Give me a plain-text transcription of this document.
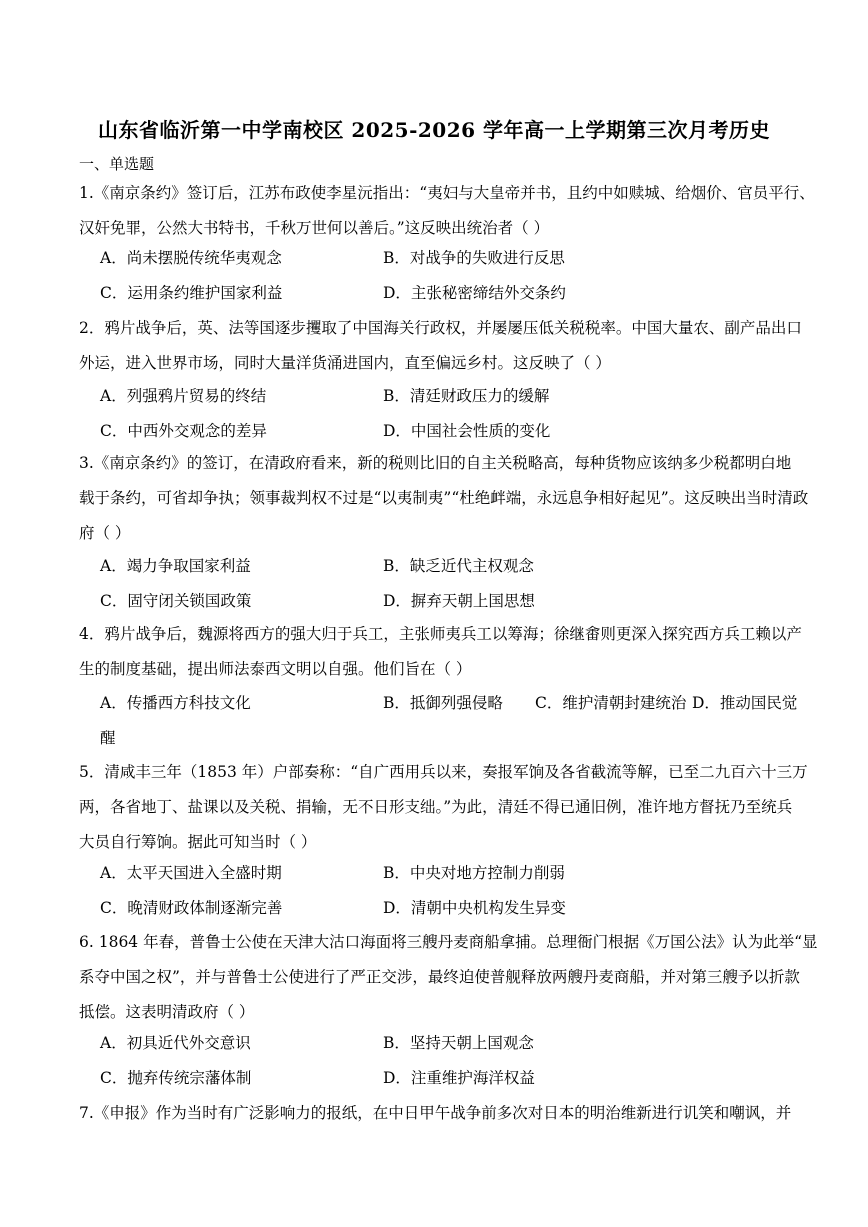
山东省临沂第一中学南校区 2025-2026 学年高一上学期第三次月考历史
一、单选题
1.《南京条约》签订后，江苏布政使李星沅指出：“夷妇与大皇帝并书，且约中如赎城、给烟价、官员平行、
汉奸免罪，公然大书特书，千秋万世何以善后。”这反映出统治者（ ）
A．尚未摆脱传统华夷观念	B．对战争的失败进行反思
C．运用条约维护国家利益	D．主张秘密缔结外交条约
2．鸦片战争后，英、法等国逐步攫取了中国海关行政权，并屡屡压低关税税率。中国大量农、副产品出口
外运，进入世界市场，同时大量洋货涌进国内，直至偏远乡村。这反映了（ ）
A．列强鸦片贸易的终结	B．清廷财政压力的缓解
C．中西外交观念的差异	D．中国社会性质的变化
3.《南京条约》的签订，在清政府看来，新的税则比旧的自主关税略高，每种货物应该纳多少税都明白地
载于条约，可省却争执；领事裁判权不过是“以夷制夷”“杜绝衅端，永远息争相好起见”。这反映出当时清政
府（ ）
A．竭力争取国家利益	B．缺乏近代主权观念
C．固守闭关锁国政策	D．摒弃天朝上国思想
4．鸦片战争后，魏源将西方的强大归于兵工，主张师夷兵工以筹海；徐继畬则更深入探究西方兵工赖以产
生的制度基础，提出师法泰西文明以自强。他们旨在（ ）
A．传播西方科技文化	B．抵御列强侵略	C．维护清朝封建统治 D．推动国民觉
醒
5．清咸丰三年（1853 年）户部奏称：“自广西用兵以来，奏报军饷及各省截流等解，已至二九百六十三万
两，各省地丁、盐课以及关税、捐输，无不日形支绌。”为此，清廷不得已通旧例，准许地方督抚乃至统兵
大员自行筹饷。据此可知当时（ ）
A．太平天国进入全盛时期	B．中央对地方控制力削弱
C．晚清财政体制逐渐完善	D．清朝中央机构发生异变
6. 1864 年春，普鲁士公使在天津大沽口海面将三艘丹麦商船拿捕。总理衙门根据《万国公法》认为此举“显
系夺中国之权”，并与普鲁士公使进行了严正交涉，最终迫使普舰释放两艘丹麦商船，并对第三艘予以折款
抵偿。这表明清政府（ ）
A．初具近代外交意识	B．坚持天朝上国观念
C．抛弃传统宗藩体制	D．注重维护海洋权益
7.《申报》作为当时有广泛影响力的报纸，在中日甲午战争前多次对日本的明治维新进行讥笑和嘲讽，并
